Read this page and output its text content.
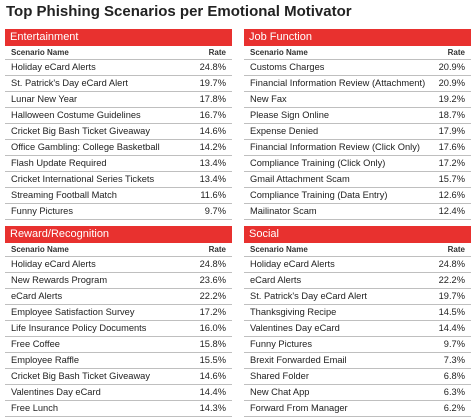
Top Phishing Scenarios per Emotional Motivator
Entertainment
Scenario Name	Rate
Holiday eCard Alerts	24.8%
St. Patrick's Day eCard Alert	19.7%
Lunar New Year	17.8%
Halloween Costume Guidelines	16.7%
Cricket Big Bash Ticket Giveaway	14.6%
Office Gambling: College Basketball	14.2%
Flash Update Required	13.4%
Cricket International Series Tickets	13.4%
Streaming Football Match	11.6%
Funny Pictures	9.7%
Job Function
Scenario Name	Rate
Customs Charges	20.9%
Financial Information Review (Attachment)	20.9%
New Fax	19.2%
Please Sign Online	18.7%
Expense Denied	17.9%
Financial Information Review (Click Only)	17.6%
Compliance Training (Click Only)	17.2%
Gmail Attachment Scam	15.7%
Compliance Training (Data Entry)	12.6%
Mailinator Scam	12.4%
Reward/Recognition
Scenario Name	Rate
Holiday eCard Alerts	24.8%
New Rewards Program	23.6%
eCard Alerts	22.2%
Employee Satisfaction Survey	17.2%
Life Insurance Policy Documents	16.0%
Free Coffee	15.8%
Employee Raffle	15.5%
Cricket Big Bash Ticket Giveaway	14.6%
Valentines Day eCard	14.4%
Free Lunch	14.3%
Social
Scenario Name	Rate
Holiday eCard Alerts	24.8%
eCard Alerts	22.2%
St. Patrick's Day eCard Alert	19.7%
Thanksgiving Recipe	14.5%
Valentines Day eCard	14.4%
Funny Pictures	9.7%
Brexit Forwarded Email	7.3%
Shared Folder	6.8%
New Chat App	6.3%
Forward From Manager	6.2%
